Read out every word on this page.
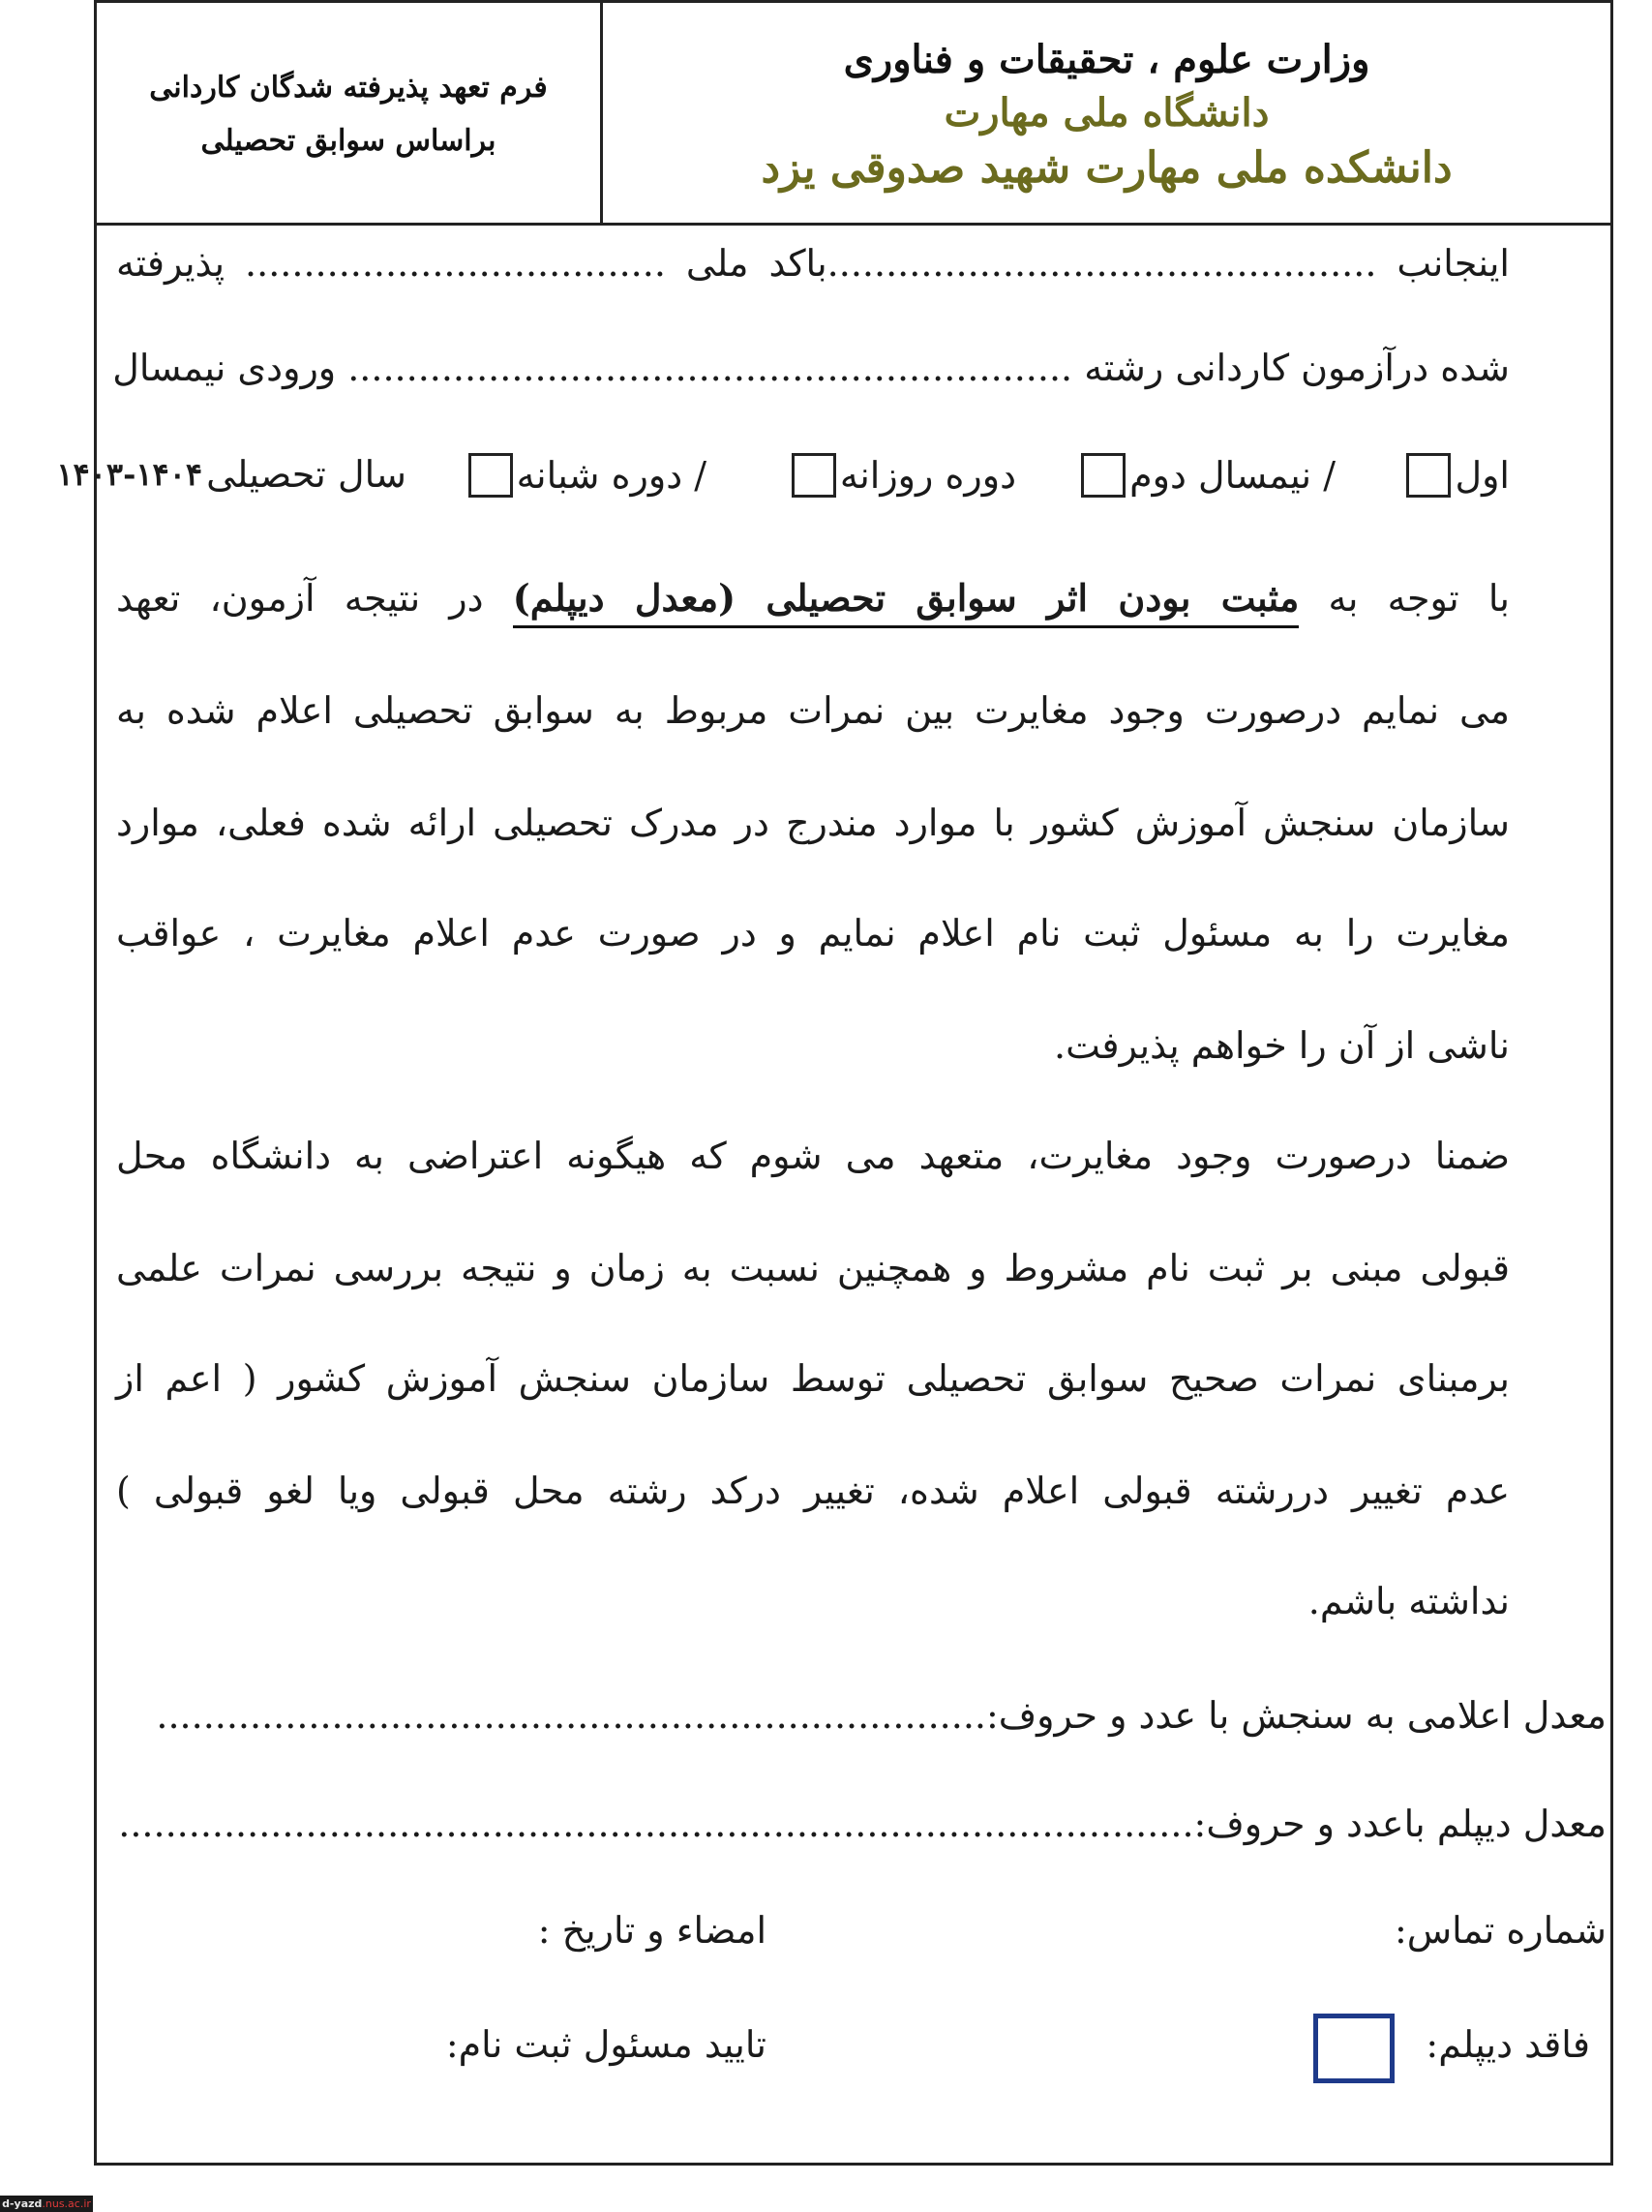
فرم تعهد پذیرفته شدگان کاردانی
براساس سوابق تحصیلی
وزارت علوم ، تحقیقات و فناوری
دانشگاه ملی مهارت
دانشکده ملی مهارت شهید صدوقی یزد
اینجانب ...............................................باکد ملی .................................... پذیرفته
شده درآزمون کاردانی رشته .............................................................. ورودی نیمسال
اول
/ نیمسال دوم
دوره روزانه
/ دوره شبانه
سال تحصیلی
۱۴۰۳-۱۴۰۴
با توجه به مثبت بودن اثر سوابق تحصیلی (معدل دیپلم) در نتیجه آزمون، تعهد
می نمایم درصورت وجود مغایرت بین نمرات مربوط به سوابق تحصیلی اعلام شده به
سازمان سنجش آموزش کشور با موارد مندرج در مدرک تحصیلی ارائه شده فعلی، موارد
مغایرت را به مسئول ثبت نام اعلام نمایم و در صورت عدم اعلام مغایرت ، عواقب
ناشی از آن را خواهم پذیرفت.
ضمنا درصورت وجود مغایرت، متعهد می شوم که هیگونه اعتراضی به دانشگاه محل
قبولی مبنی بر ثبت نام مشروط و همچنین نسبت به زمان و نتیجه بررسی نمرات علمی
برمبنای نمرات صحیح سوابق تحصیلی توسط سازمان سنجش آموزش کشور ( اعم از
عدم تغییر دررشته قبولی اعلام شده، تغییر درکد رشته محل قبولی ویا لغو قبولی )
نداشته باشم.
معدل اعلامی به سنجش با عدد و حروف:.......................................................................
معدل دیپلم باعدد و حروف:............................................................................................
شماره تماس:
امضاء و تاریخ :
فاقد دیپلم:
تایید مسئول ثبت نام:
d-yazd.nus.ac.ir
